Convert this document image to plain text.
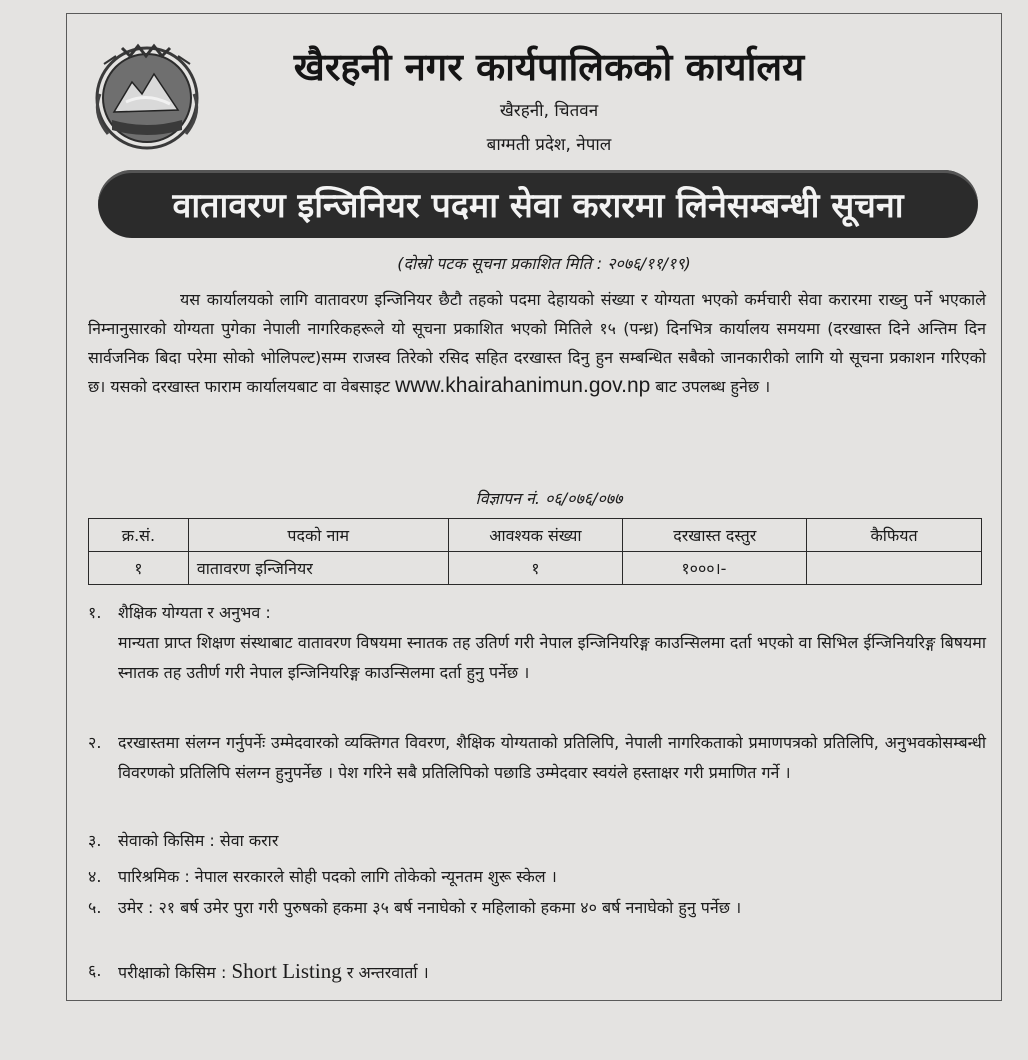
खैरहनी नगर कार्यपालिकको कार्यालय
खैरहनी, चितवन
बाग्मती प्रदेश, नेपाल
वातावरण इन्जिनियर पदमा सेवा करारमा लिनेसम्बन्धी सूचना
(दोस्रो पटक सूचना प्रकाशित मिति : २०७६/११/१९)

यस कार्यालयको लागि वातावरण इन्जिनियर छैटौ तहको पदमा देहायको संख्या र योग्यता भएको कर्मचारी सेवा करारमा राख्नु पर्ने भएकाले निम्नानुसारको योग्यता पुगेका नेपाली नागरिकहरूले यो सूचना प्रकाशित भएको मितिले १५ (पन्ध्र) दिनभित्र कार्यालय समयमा (दरखास्त दिने अन्तिम दिन सार्वजनिक बिदा परेमा सोको भोलिपल्ट)सम्म राजस्व तिरेको रसिद सहित दरखास्त दिनु हुन सम्बन्धित सबैको जानकारीको लागि यो सूचना प्रकाशन गरिएको छ। यसको दरखास्त फाराम कार्यालयबाट वा वेबसाइट www.khairahanimun.gov.np बाट उपलब्ध हुनेछ ।

विज्ञापन नं. ०६/०७६/०७७
क्र.सं.	पदको नाम	आवश्यक संख्या	दरखास्त दस्तुर	कैफियत
१	वातावरण इन्जिनियर	१	१०००।-	
१.	शैक्षिक योग्यता र अनुभव :
मान्यता प्राप्त शिक्षण संस्थाबाट वातावरण विषयमा स्नातक तह उतिर्ण गरी नेपाल इन्जिनियरिङ्ग काउन्सिलमा दर्ता भएको वा सिभिल ईन्जिनियरिङ्ग बिषयमा स्नातक तह उतीर्ण गरी नेपाल इन्जिनियरिङ्ग काउन्सिलमा दर्ता हुनु पर्नेछ ।
२.	दरखास्तमा संलग्न गर्नुपर्नेः उम्मेदवारको व्यक्तिगत विवरण, शैक्षिक योग्यताको प्रतिलिपि, नेपाली नागरिकताको प्रमाणपत्रको प्रतिलिपि, अनुभवकोसम्बन्धी विवरणको प्रतिलिपि संलग्न हुनुपर्नेछ । पेश गरिने सबै प्रतिलिपिको पछाडि उम्मेदवार स्वयंले हस्ताक्षर गरी प्रमाणित गर्ने ।
३.	सेवाको किसिम : सेवा करार
४.	पारिश्रमिक : नेपाल सरकारले सोही पदको लागि तोकेको न्यूनतम शुरू स्केल ।
५.	उमेर : २१ बर्ष उमेर पुरा गरी पुरुषको हकमा ३५ बर्ष ननाघेको र महिलाको हकमा ४० बर्ष ननाघेको हुनु पर्नेछ ।
६.	परीक्षाको किसिम : Short Listing र अन्तरवार्ता ।
